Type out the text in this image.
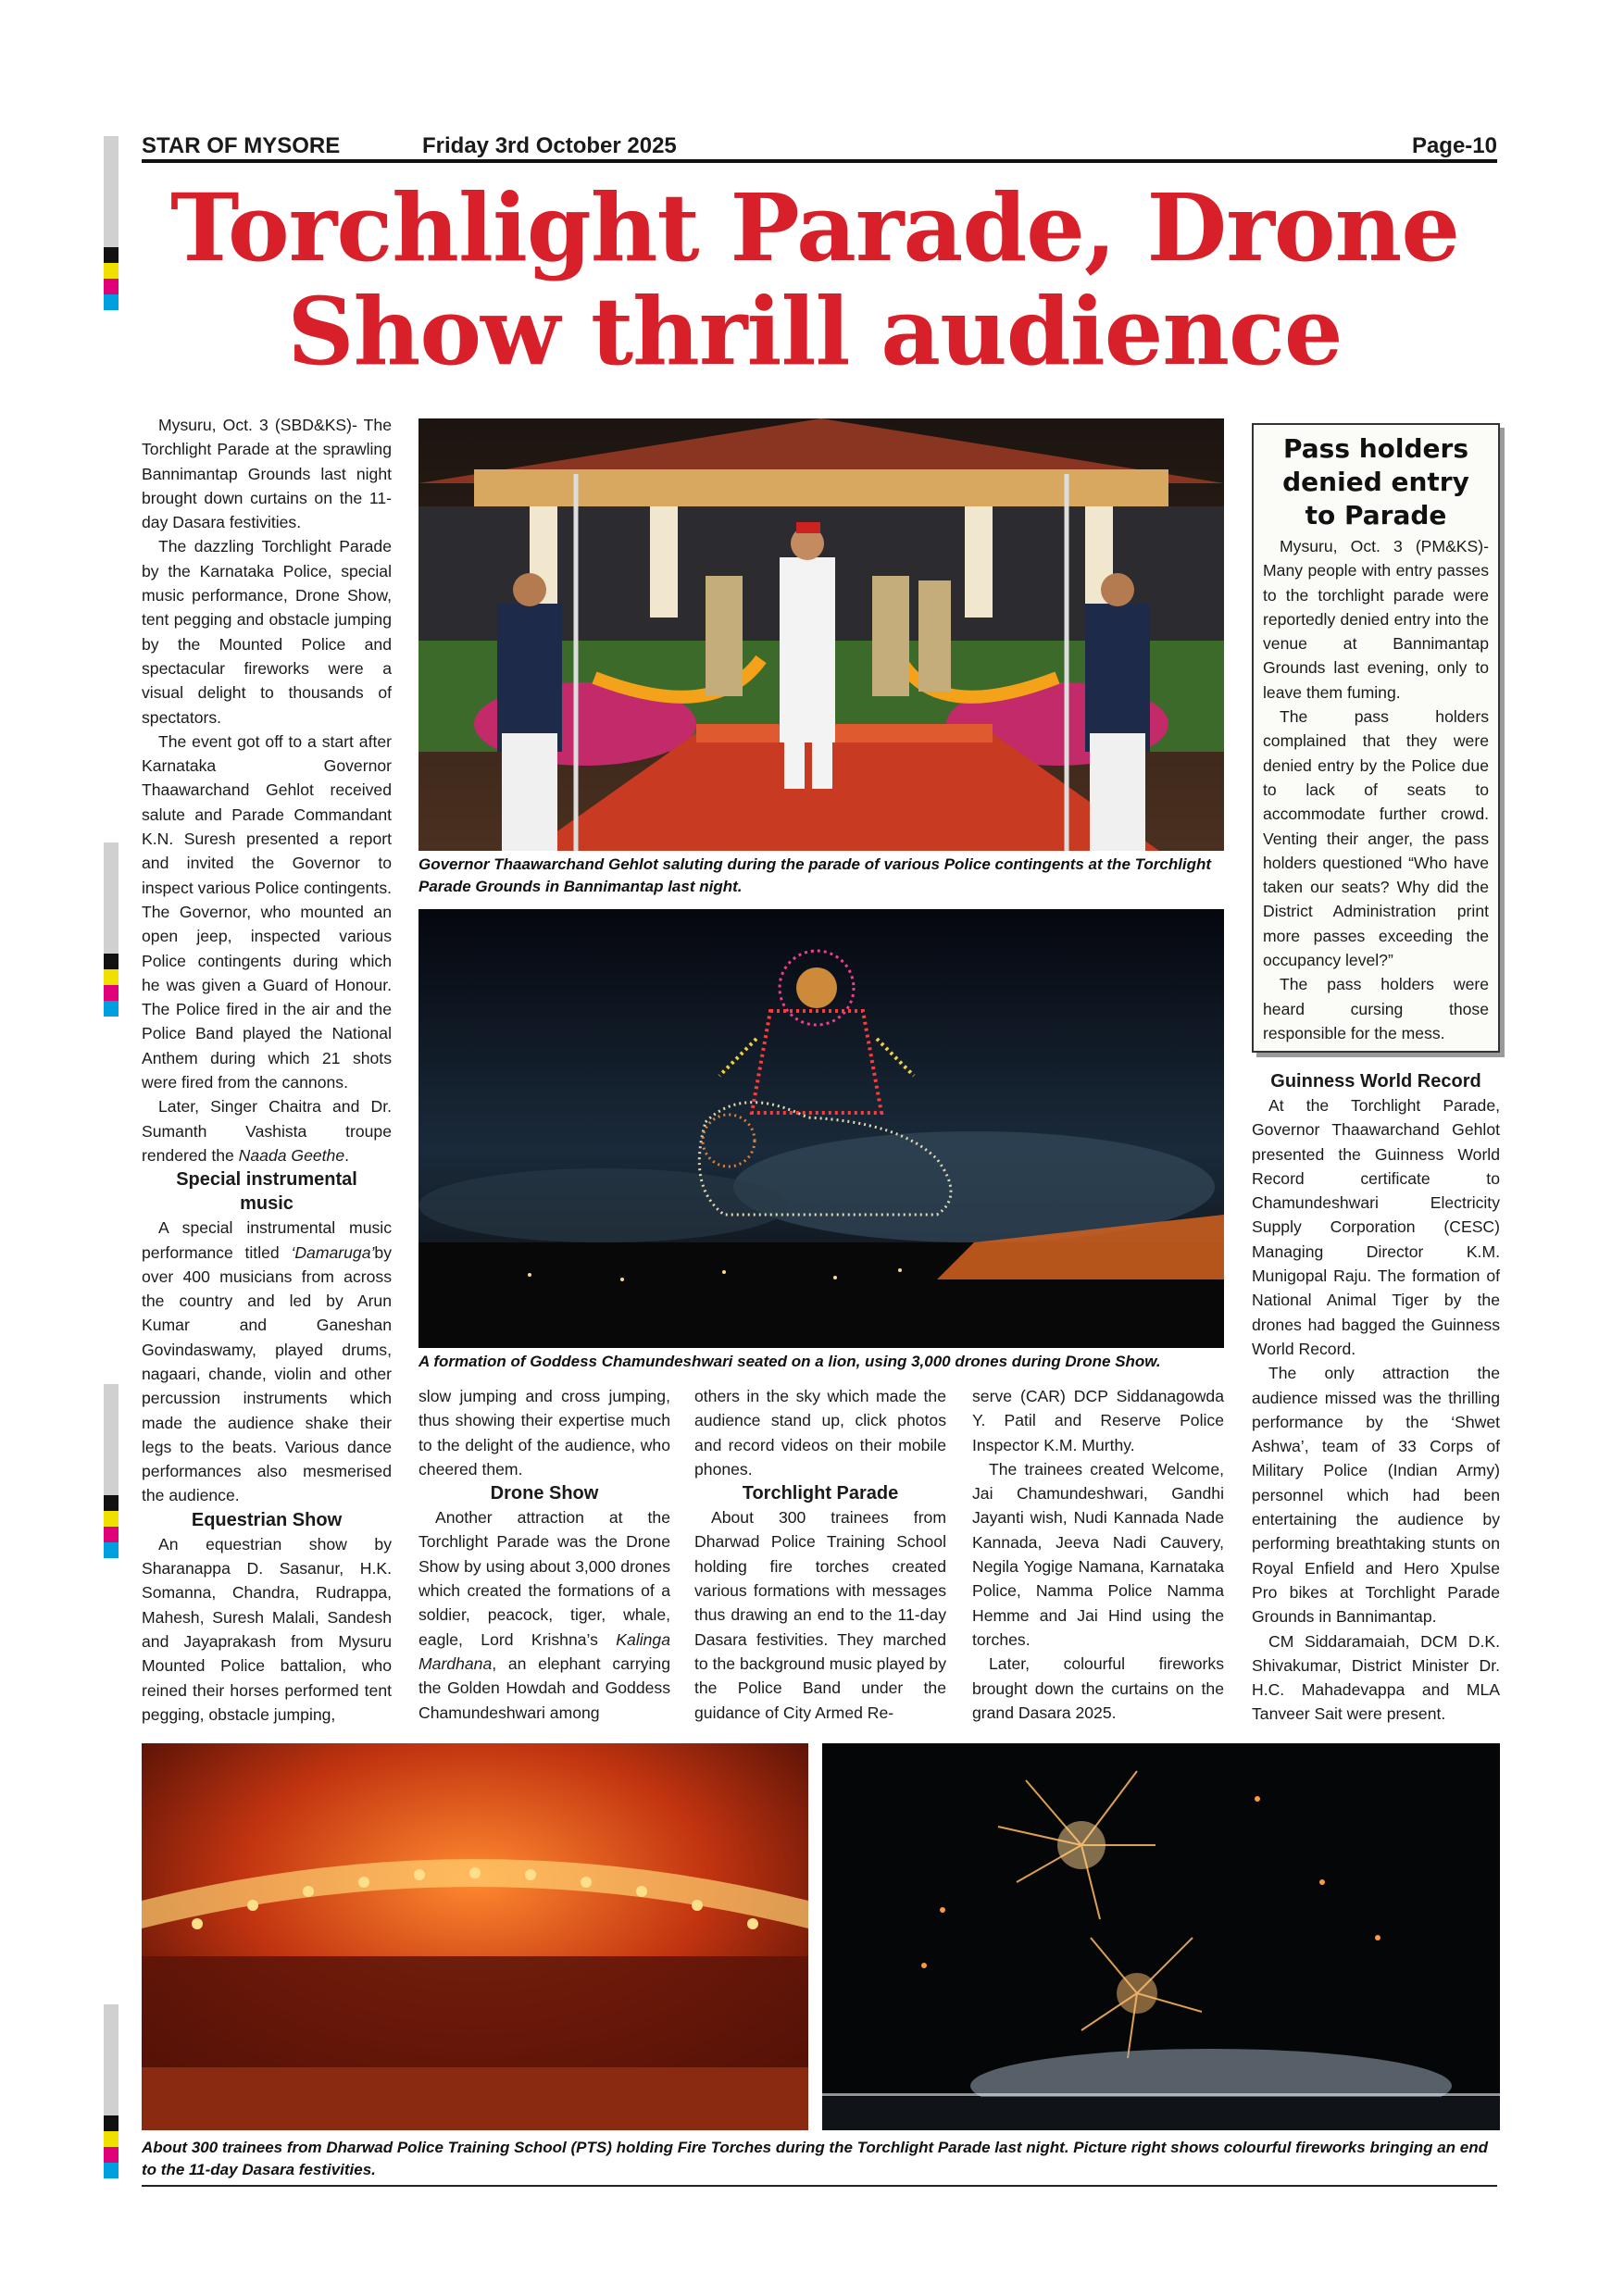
STAR OF MYSORE	Friday 3rd October 2025	Page-10
Torchlight Parade, Drone
Show thrill audience

Mysuru, Oct. 3 (SBD&KS)- The Torchlight Parade at the sprawling Bannimantap Grounds last night brought down curtains on the 11-day Dasara festivities.

The dazzling Torchlight Parade by the Karnataka Police, special music performance, Drone Show, tent pegging and obstacle jumping by the Mounted Police and spectacular fireworks were a visual delight to thousands of spectators.

The event got off to a start after Karnataka Governor Thaawarchand Gehlot received salute and Parade Commandant K.N. Suresh presented a report and invited the Governor to inspect various Police contingents. The Governor, who mounted an open jeep, inspected various Police contingents during which he was given a Guard of Honour. The Police fired in the air and the Police Band played the National Anthem during which 21 shots were fired from the cannons.

Later, Singer Chaitra and Dr. Sumanth Vashista troupe rendered the Naada Geethe.

Special instrumental music

A special instrumental music performance titled ‘Damaruga’by over 400 musicians from across the country and led by Arun Kumar and Ganeshan Govindaswamy, played drums, nagaari, chande, violin and other percussion instruments which made the audience shake their legs to the beats. Various dance performances also mesmerised the audience.

Equestrian Show

An equestrian show by Sharanappa D. Sasanur, H.K. Somanna, Chandra, Rudrappa, Mahesh, Suresh Malali, Sandesh and Jayaprakash from Mysuru Mounted Police battalion, who reined their horses performed tent pegging, obstacle jumping,

Governor Thaawarchand Gehlot saluting during the parade of various Police contingents at the Torchlight Parade Grounds in Bannimantap last night.
A formation of Goddess Chamundeshwari seated on a lion, using 3,000 drones during Drone Show.

slow jumping and cross jumping, thus showing their expertise much to the delight of the audience, who cheered them.

Drone Show

Another attraction at the Torchlight Parade was the Drone Show by using about 3,000 drones which created the formations of a soldier, peacock, tiger, whale, eagle, Lord Krishna’s Kalinga Mardhana, an elephant carrying the Golden Howdah and Goddess Chamundeshwari among

others in the sky which made the audience stand up, click photos and record videos on their mobile phones.

Torchlight Parade

About 300 trainees from Dharwad Police Training School holding fire torches created various formations with messages thus drawing an end to the 11-day Dasara festivities. They marched to the background music played by the Police Band under the guidance of City Armed Re-

serve (CAR) DCP Siddanagowda Y. Patil and Reserve Police Inspector K.M. Murthy.

The trainees created Welcome, Jai Chamundeshwari, Gandhi Jayanti wish, Nudi Kannada Nade Kannada, Jeeva Nadi Cauvery, Negila Yogige Namana, Karnataka Police, Namma Police Namma Hemme and Jai Hind using the torches.

Later, colourful fireworks brought down the curtains on the grand Dasara 2025.

Pass holders denied entry to Parade

Mysuru, Oct. 3 (PM&KS)- Many people with entry passes to the torchlight parade were reportedly denied entry into the venue at Bannimantap Grounds last evening, only to leave them fuming.

The pass holders complained that they were denied entry by the Police due to lack of seats to accommodate further crowd. Venting their anger, the pass holders questioned “Who have taken our seats? Why did the District Administration print more passes exceeding the occupancy level?”

The pass holders were heard cursing those responsible for the mess.

Guinness World Record

At the Torchlight Parade, Governor Thaawarchand Gehlot presented the Guinness World Record certificate to Chamundeshwari Electricity Supply Corporation (CESC) Managing Director K.M. Munigopal Raju. The formation of National Animal Tiger by the drones had bagged the Guinness World Record.

The only attraction the audience missed was the thrilling performance by the ‘Shwet Ashwa’, team of 33 Corps of Military Police (Indian Army) personnel which had been entertaining the audience by performing breathtaking stunts on Royal Enfield and Hero Xpulse Pro bikes at Torchlight Parade Grounds in Bannimantap.

CM Siddaramaiah, DCM D.K. Shivakumar, District Minister Dr. H.C. Mahadevappa and MLA Tanveer Sait were present.

About 300 trainees from Dharwad Police Training School (PTS) holding Fire Torches during the Torchlight Parade last night. Picture right shows colourful fireworks bringing an end to the 11-day Dasara festivities.
